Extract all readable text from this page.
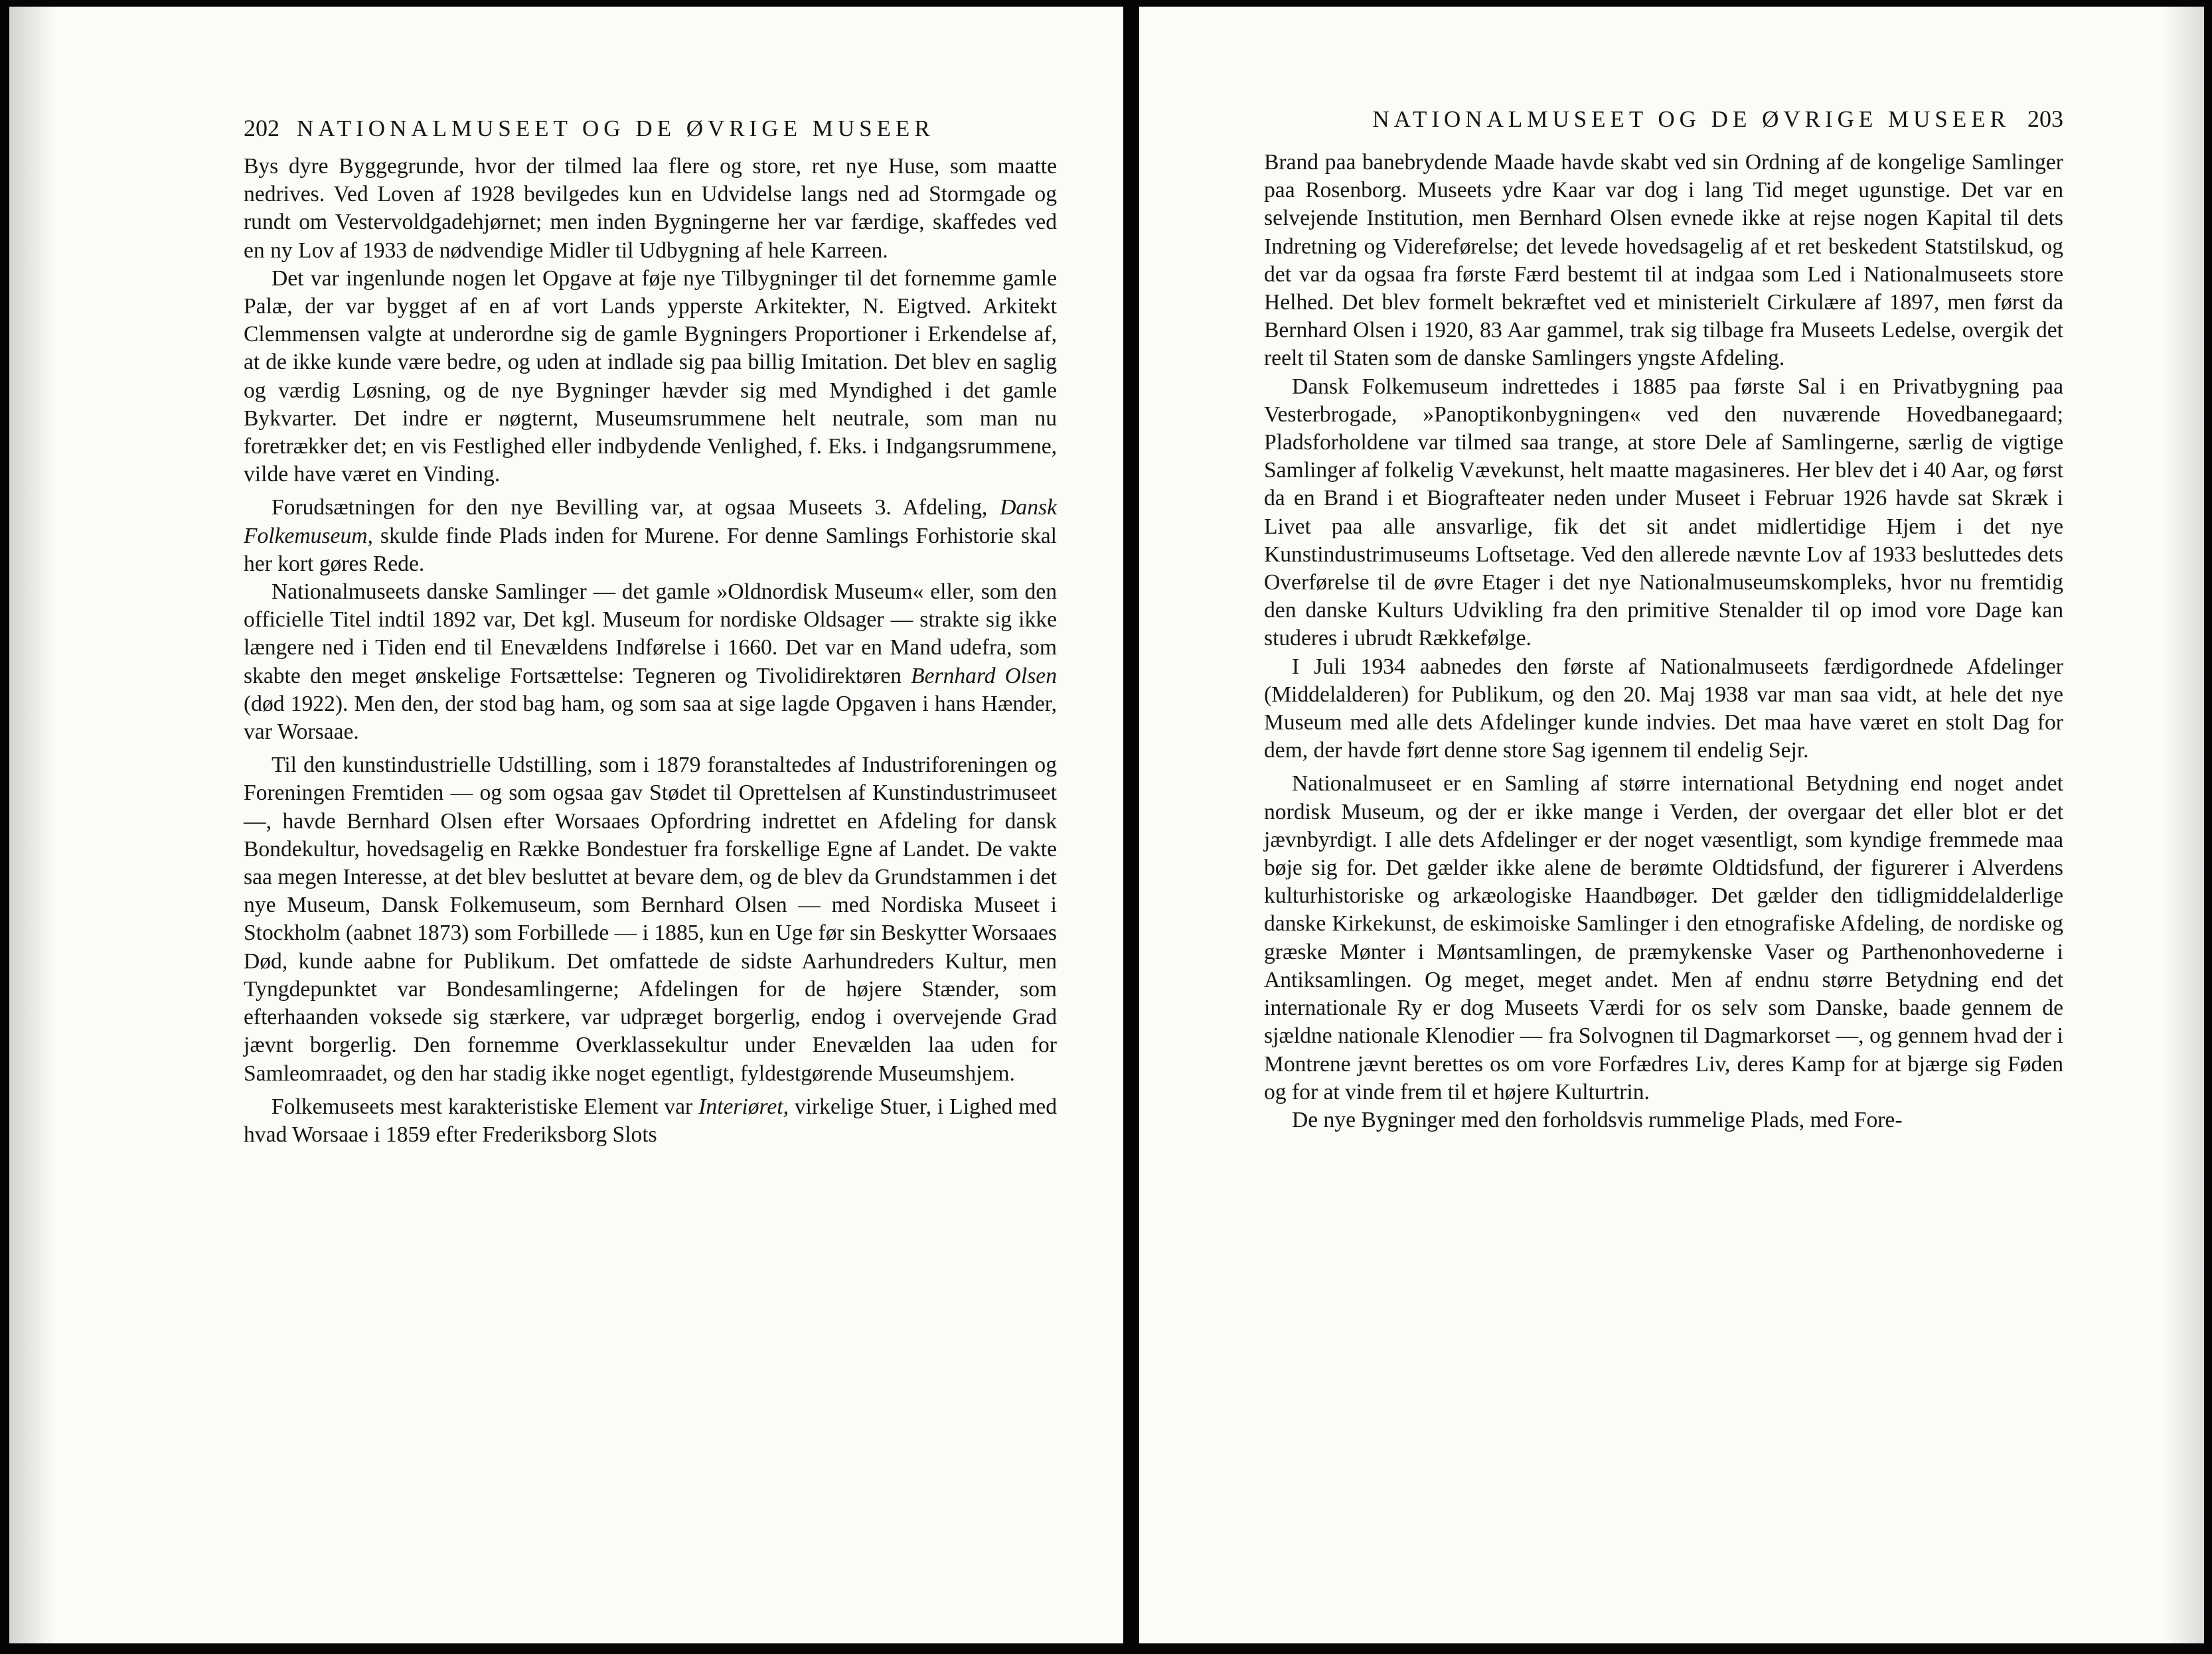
202 NATIONALMUSEET OG DE ØVRIGE MUSEER

Bys dyre Byggegrunde, hvor der tilmed laa flere og store, ret nye Huse, som maatte nedrives. Ved Loven af 1928 bevilgedes kun en Udvidelse langs ned ad Stormgade og rundt om Vestervoldgadehjørnet; men inden Bygningerne her var færdige, skaffedes ved en ny Lov af 1933 de nødvendige Midler til Udbygning af hele Karreen.

Det var ingenlunde nogen let Opgave at føje nye Tilbygninger til det fornemme gamle Palæ, der var bygget af en af vort Lands ypperste Arkitekter, N. Eigtved. Arkitekt Clemmensen valgte at underordne sig de gamle Bygningers Proportioner i Erkendelse af, at de ikke kunde være bedre, og uden at indlade sig paa billig Imitation. Det blev en saglig og værdig Løsning, og de nye Bygninger hævder sig med Myndighed i det gamle Bykvarter. Det indre er nøgternt, Museumsrummene helt neutrale, som man nu foretrækker det; en vis Festlighed eller indbydende Venlighed, f. Eks. i Indgangsrummene, vilde have været en Vinding.

Forudsætningen for den nye Bevilling var, at ogsaa Museets 3. Afdeling, Dansk Folkemuseum, skulde finde Plads inden for Murene. For denne Samlings Forhistorie skal her kort gøres Rede.

Nationalmuseets danske Samlinger — det gamle »Oldnordisk Museum« eller, som den officielle Titel indtil 1892 var, Det kgl. Museum for nordiske Oldsager — strakte sig ikke længere ned i Tiden end til Enevældens Indførelse i 1660. Det var en Mand udefra, som skabte den meget ønskelige Fortsættelse: Tegneren og Tivolidirektøren Bernhard Olsen (død 1922). Men den, der stod bag ham, og som saa at sige lagde Opgaven i hans Hænder, var Worsaae.

Til den kunstindustrielle Udstilling, som i 1879 foranstaltedes af Industriforeningen og Foreningen Fremtiden — og som ogsaa gav Stødet til Oprettelsen af Kunstindustrimuseet —, havde Bernhard Olsen efter Worsaaes Opfordring indrettet en Afdeling for dansk Bondekultur, hovedsagelig en Række Bondestuer fra forskellige Egne af Landet. De vakte saa megen Interesse, at det blev besluttet at bevare dem, og de blev da Grundstammen i det nye Museum, Dansk Folkemuseum, som Bernhard Olsen — med Nordiska Museet i Stockholm (aabnet 1873) som Forbillede — i 1885, kun en Uge før sin Beskytter Worsaaes Død, kunde aabne for Publikum. Det omfattede de sidste Aarhundreders Kultur, men Tyngdepunktet var Bondesamlingerne; Afdelingen for de højere Stænder, som efterhaanden voksede sig stærkere, var udpræget borgerlig, endog i overvejende Grad jævnt borgerlig. Den fornemme Overklassekultur under Enevælden laa uden for Samleomraadet, og den har stadig ikke noget egentligt, fyldestgørende Museumshjem.

Folkemuseets mest karakteristiske Element var Interiøret, virkelige Stuer, i Lighed med hvad Worsaae i 1859 efter Frederiksborg Slots

NATIONALMUSEET OG DE ØVRIGE MUSEER 203

Brand paa banebrydende Maade havde skabt ved sin Ordning af de kongelige Samlinger paa Rosenborg. Museets ydre Kaar var dog i lang Tid meget ugunstige. Det var en selvejende Institution, men Bernhard Olsen evnede ikke at rejse nogen Kapital til dets Indretning og Videreførelse; det levede hovedsagelig af et ret beskedent Statstilskud, og det var da ogsaa fra første Færd bestemt til at indgaa som Led i Nationalmuseets store Helhed. Det blev formelt bekræftet ved et ministerielt Cirkulære af 1897, men først da Bernhard Olsen i 1920, 83 Aar gammel, trak sig tilbage fra Museets Ledelse, overgik det reelt til Staten som de danske Samlingers yngste Afdeling.

Dansk Folkemuseum indrettedes i 1885 paa første Sal i en Privatbygning paa Vesterbrogade, »Panoptikonbygningen« ved den nuværende Hovedbanegaard; Pladsforholdene var tilmed saa trange, at store Dele af Samlingerne, særlig de vigtige Samlinger af folkelig Vævekunst, helt maatte magasineres. Her blev det i 40 Aar, og først da en Brand i et Biografteater neden under Museet i Februar 1926 havde sat Skræk i Livet paa alle ansvarlige, fik det sit andet midlertidige Hjem i det nye Kunstindustrimuseums Loftsetage. Ved den allerede nævnte Lov af 1933 besluttedes dets Overførelse til de øvre Etager i det nye Nationalmuseumskompleks, hvor nu fremtidig den danske Kulturs Udvikling fra den primitive Stenalder til op imod vore Dage kan studeres i ubrudt Rækkefølge.

I Juli 1934 aabnedes den første af Nationalmuseets færdigordnede Afdelinger (Middelalderen) for Publikum, og den 20. Maj 1938 var man saa vidt, at hele det nye Museum med alle dets Afdelinger kunde indvies. Det maa have været en stolt Dag for dem, der havde ført denne store Sag igennem til endelig Sejr.

Nationalmuseet er en Samling af større international Betydning end noget andet nordisk Museum, og der er ikke mange i Verden, der overgaar det eller blot er det jævnbyrdigt. I alle dets Afdelinger er der noget væsentligt, som kyndige fremmede maa bøje sig for. Det gælder ikke alene de berømte Oldtidsfund, der figurerer i Alverdens kulturhistoriske og arkæologiske Haandbøger. Det gælder den tidligmiddelalderlige danske Kirkekunst, de eskimoiske Samlinger i den etnografiske Afdeling, de nordiske og græske Mønter i Møntsamlingen, de præmykenske Vaser og Parthenonhovederne i Antiksamlingen. Og meget, meget andet. Men af endnu større Betydning end det internationale Ry er dog Museets Værdi for os selv som Danske, baade gennem de sjældne nationale Klenodier — fra Solvognen til Dagmarkorset —, og gennem hvad der i Montrene jævnt berettes os om vore Forfædres Liv, deres Kamp for at bjærge sig Føden og for at vinde frem til et højere Kulturtrin.

De nye Bygninger med den forholdsvis rummelige Plads, med Fore-
